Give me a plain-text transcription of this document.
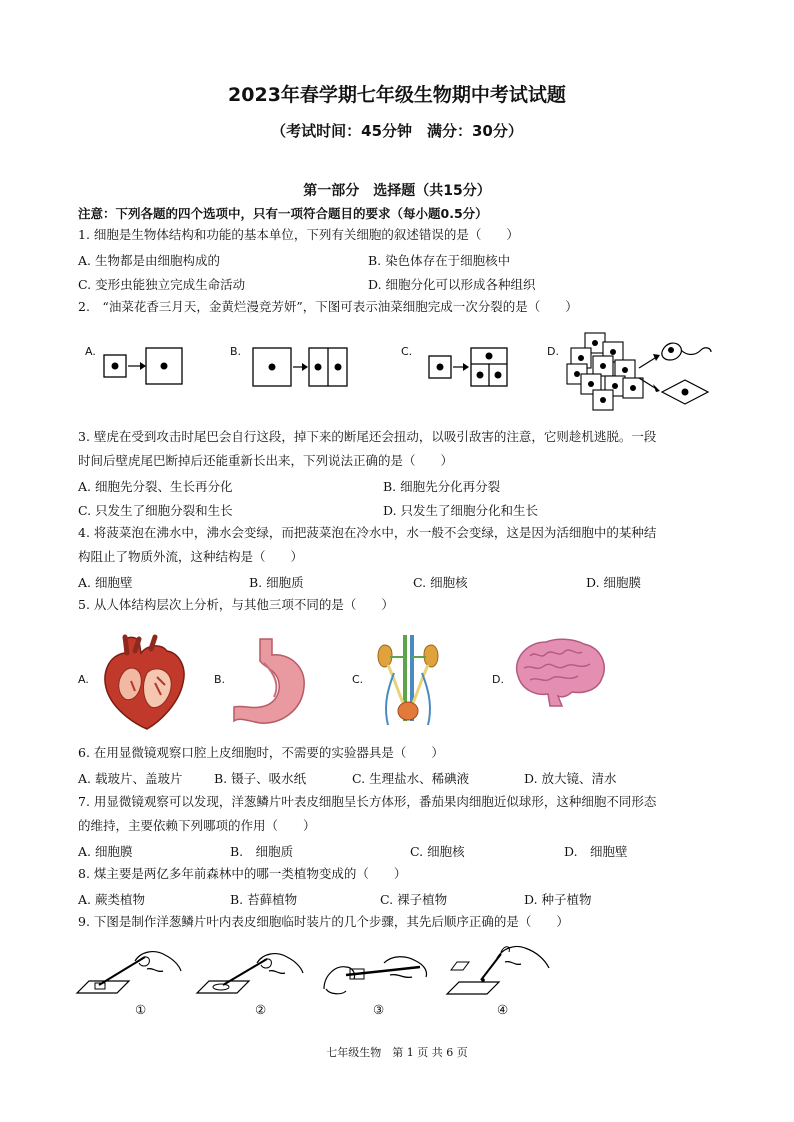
2023年春学期七年级生物期中考试试题
（考试时间：45分钟　满分：30分）
第一部分　选择题（共15分）
注意：下列各题的四个选项中，只有一项符合题目的要求（每小题0.5分）
1. 细胞是生物体结构和功能的基本单位，下列有关细胞的叙述错误的是（　　）
A. 生物都是由细胞构成的	B. 染色体存在于细胞核中
C. 变形虫能独立完成生命活动	D. 细胞分化可以形成各种组织
2.　“油菜花香三月天，金黄烂漫竞芳妍”，下图可表示油菜细胞完成一次分裂的是（　　）
A.	B.	C.	D.
3. 壁虎在受到攻击时尾巴会自行这段，掉下来的断尾还会扭动，以吸引敌害的注意，它则趁机逃脱。一段
时间后壁虎尾巴断掉后还能重新长出来，下列说法正确的是（　　）
A. 细胞先分裂、生长再分化	B. 细胞先分化再分裂
C. 只发生了细胞分裂和生长	D. 只发生了细胞分化和生长
4. 将菠菜泡在沸水中，沸水会变绿，而把菠菜泡在冷水中，水一般不会变绿，这是因为活细胞中的某种结
构阻止了物质外流，这种结构是（　　）
A. 细胞壁	B. 细胞质	C. 细胞核	D. 细胞膜
5. 从人体结构层次上分析，与其他三项不同的是（　　）
A.	B.	C.	D.
6. 在用显微镜观察口腔上皮细胞时，不需要的实验器具是（　　）
A. 载玻片、盖玻片	B. 镊子、吸水纸	C. 生理盐水、稀碘液	D. 放大镜、清水
7. 用显微镜观察可以发现，洋葱鳞片叶表皮细胞呈长方体形，番茄果肉细胞近似球形，这种细胞不同形态
的维持，主要依赖下列哪项的作用（　　）
A. 细胞膜	B.　细胞质	C. 细胞核	D.　细胞壁
8. 煤主要是两亿多年前森林中的哪一类植物变成的（　　）
A. 蕨类植物	B. 苔藓植物	C. 裸子植物	D. 种子植物
9. 下图是制作洋葱鳞片叶内表皮细胞临时装片的几个步骤，其先后顺序正确的是（　　）
①	②	③	④
七年级生物　第 1 页 共 6 页
